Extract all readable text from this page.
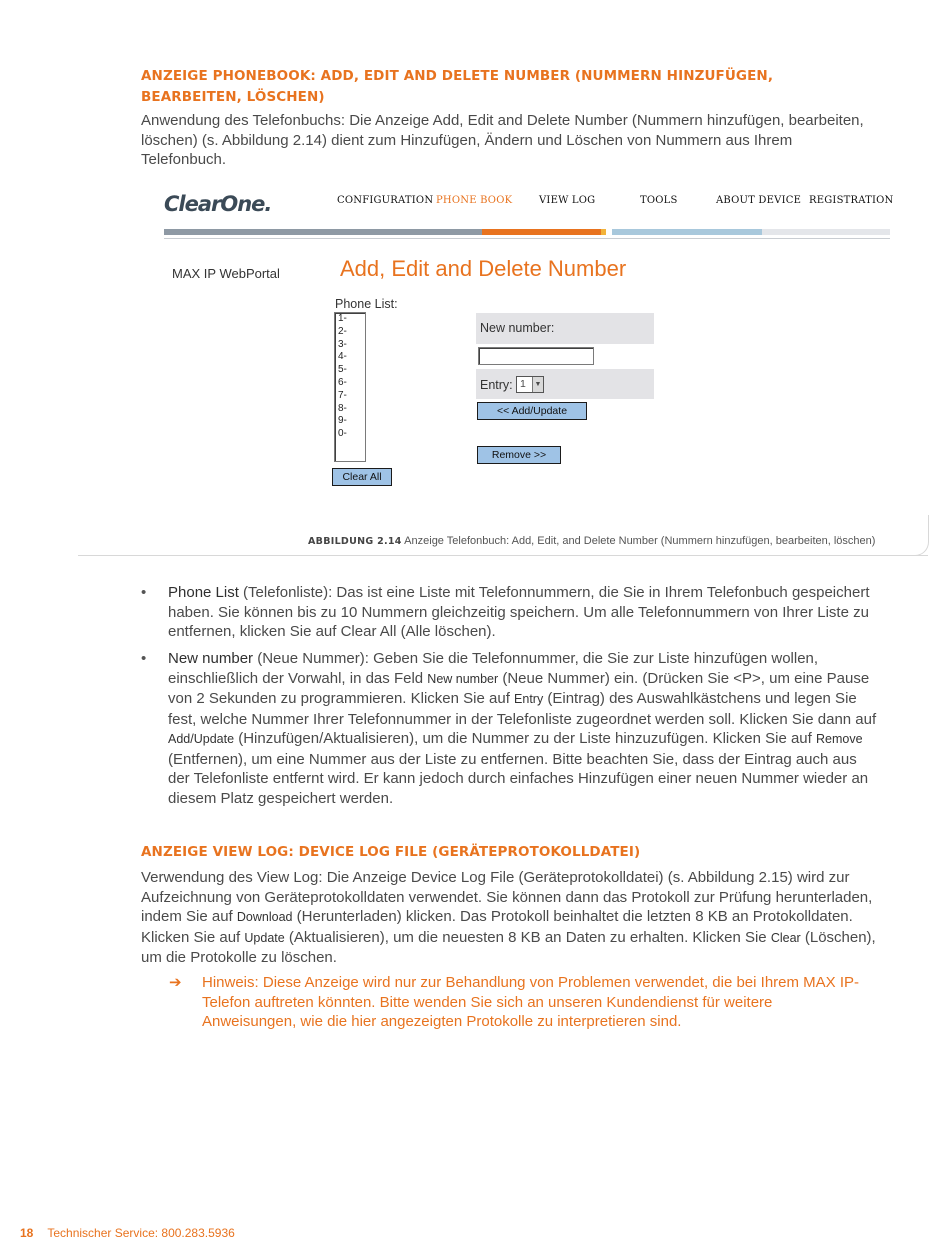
ANZEIGE PHONEBOOK: ADD, EDIT AND DELETE NUMBER (NUMMERN HINZUFÜGEN, BEARBEITEN, LÖSCHEN)
Anwendung des Telefonbuchs: Die Anzeige Add, Edit and Delete Number (Nummern hinzufügen, bearbeiten, löschen) (s. Abbildung 2.14) dient zum Hinzufügen, Ändern und Löschen von Nummern aus Ihrem Telefonbuch.
ClearOne.	CONFIGURATION PHONE BOOK	VIEW LOG	TOOLS	ABOUT DEVICE REGISTRATION
MAX IP WebPortal	Add, Edit and Delete Number
Phone List:
1-
2-
3-
4-
5-
6-
7-
8-
9-
0-
Clear All
New number:
Entry: 1	▼
<< Add/Update
Remove >>
ABBILDUNG 2.14 Anzeige Telefonbuch: Add, Edit, and Delete Number (Nummern hinzufügen, bearbeiten, löschen)
•	Phone List (Telefonliste): Das ist eine Liste mit Telefonnummern, die Sie in Ihrem Telefonbuch gespeichert haben. Sie können bis zu 10 Nummern gleichzeitig speichern. Um alle Telefonnummern von Ihrer Liste zu entfernen, klicken Sie auf Clear All (Alle löschen).
•	New number (Neue Nummer): Geben Sie die Telefonnummer, die Sie zur Liste hinzufügen wollen, einschließlich der Vorwahl, in das Feld New number (Neue Nummer) ein. (Drücken Sie <P>, um eine Pause von 2 Sekunden zu programmieren. Klicken Sie auf Entry (Eintrag) des Auswahlkästchens und legen Sie fest, welche Nummer Ihrer Telefonnummer in der Telefonliste zugeordnet werden soll. Klicken Sie dann auf Add/Update (Hinzufügen/Aktualisieren), um die Nummer zu der Liste hinzuzufügen. Klicken Sie auf Remove (Entfernen), um eine Nummer aus der Liste zu entfernen. Bitte beachten Sie, dass der Eintrag auch aus der Telefonliste entfernt wird. Er kann jedoch durch einfaches Hinzufügen einer neuen Nummer wieder an diesem Platz gespeichert werden.
ANZEIGE VIEW LOG: DEVICE LOG FILE (GERÄTEPROTOKOLLDATEI)
Verwendung des View Log: Die Anzeige Device Log File (Geräteprotokolldatei) (s. Abbildung 2.15) wird zur Aufzeichnung von Geräteprotokolldaten verwendet. Sie können dann das Protokoll zur Prüfung herunterladen, indem Sie auf Download (Herunterladen) klicken. Das Protokoll beinhaltet die letzten 8 KB an Protokolldaten. Klicken Sie auf Update (Aktualisieren), um die neuesten 8 KB an Daten zu erhalten. Klicken Sie Clear (Löschen), um die Protokolle zu löschen.
➔ Hinweis: Diese Anzeige wird nur zur Behandlung von Problemen verwendet, die bei Ihrem MAX IP-Telefon auftreten könnten. Bitte wenden Sie sich an unseren Kundendienst für weitere Anweisungen, wie die hier angezeigten Protokolle zu interpretieren sind.
18 Technischer Service: 800.283.5936
